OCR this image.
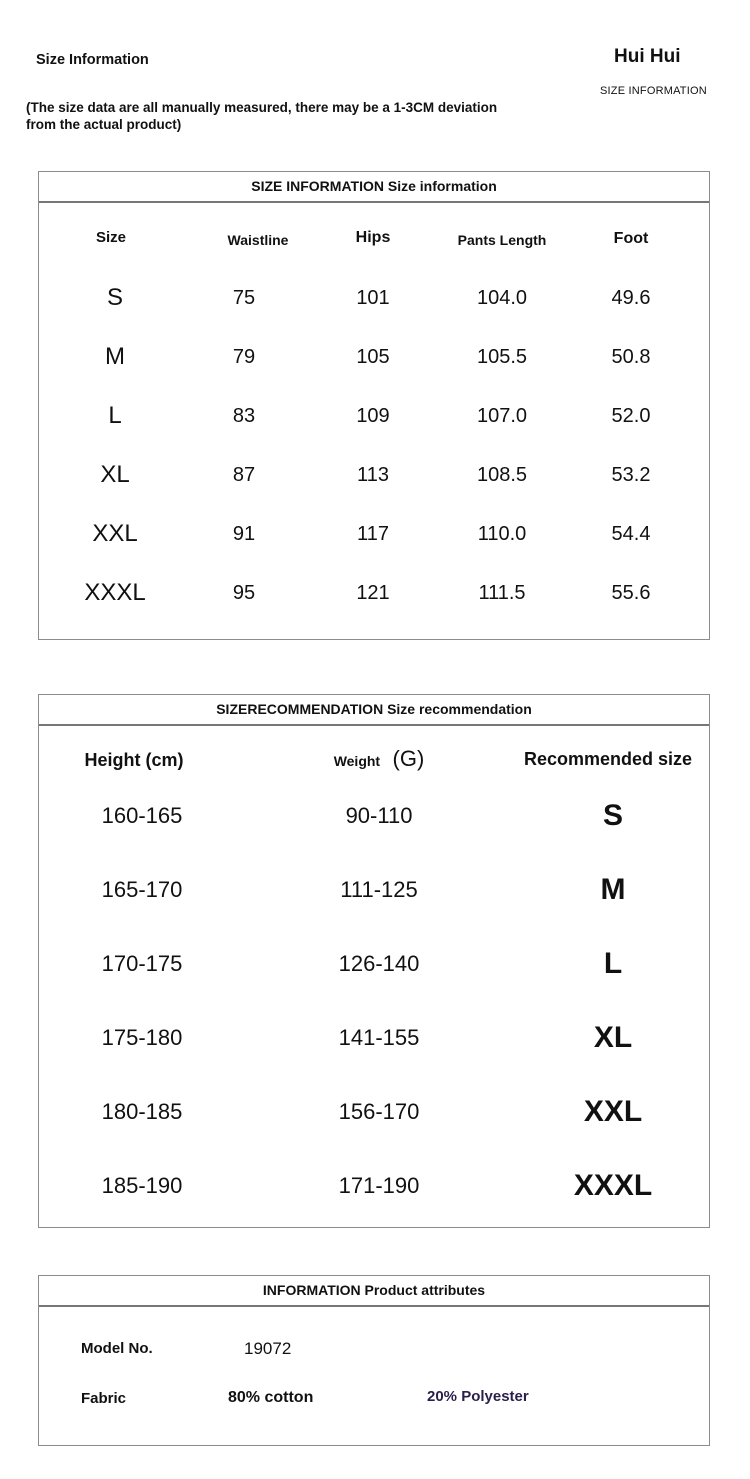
Size Information
(The size data are all manually measured, there may be a 1-3CM deviation
from the actual product)
Hui Hui
SIZE INFORMATION
SIZE INFORMATION Size information
Size	Waistline	Hips	Pants Length	Foot
S	75	101	104.0	49.6
M	79	105	105.5	50.8
L	83	109	107.0	52.0
XL	87	113	108.5	53.2
XXL	91	117	110.0	54.4
XXXL	95	121	111.5	55.6
SIZERECOMMENDATION Size recommendation
Height (cm)	Weight (G)	Recommended size
160-165	90-110	S
165-170	111-125	M
170-175	126-140	L
175-180	141-155	XL
180-185	156-170	XXL
185-190	171-190	XXXL
INFORMATION Product attributes
Model No.	19072
Fabric	80% cotton	20% Polyester
